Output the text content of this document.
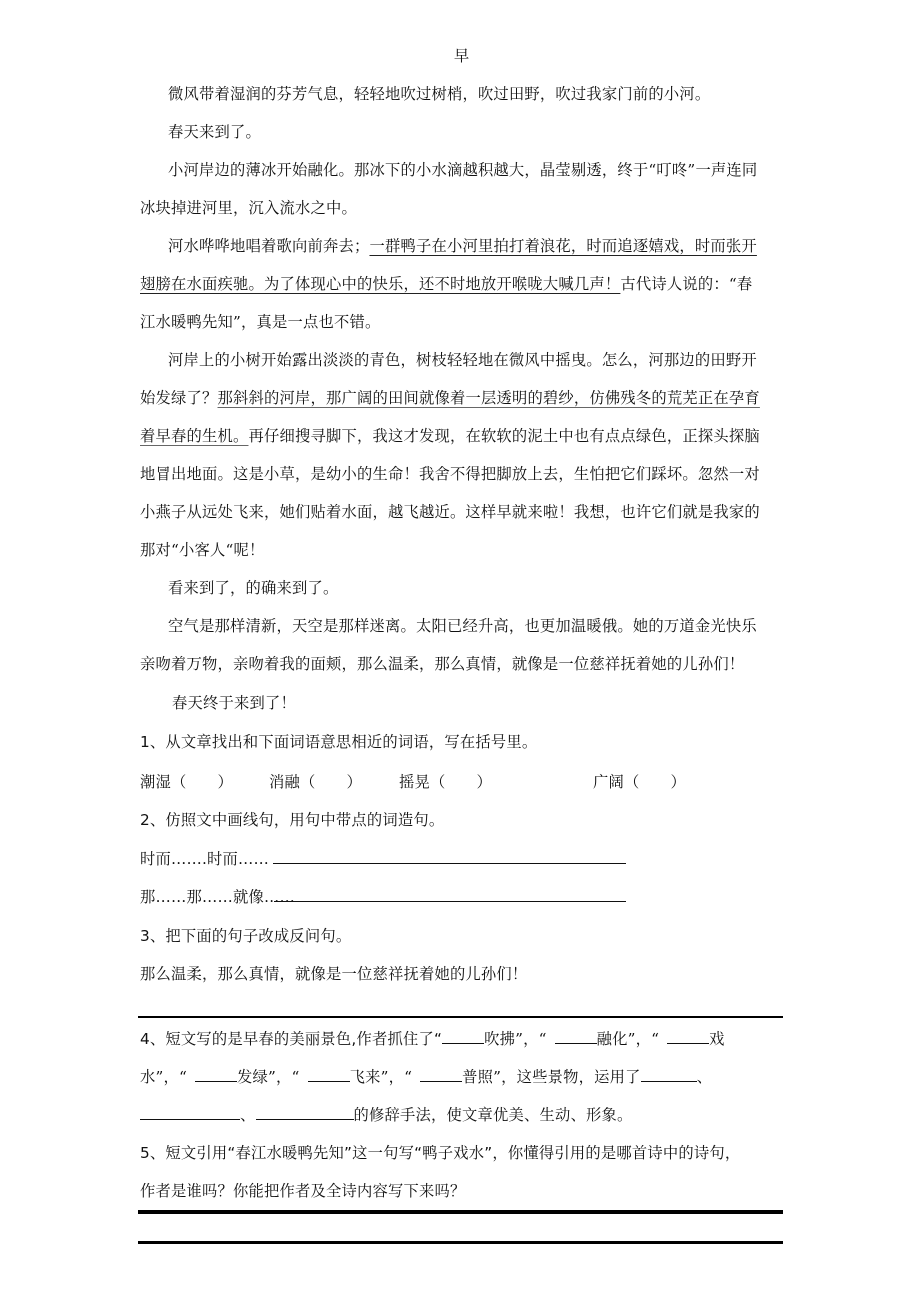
早
微风带着湿润的芬芳气息，轻轻地吹过树梢，吹过田野，吹过我家门前的小河。
春天来到了。
小河岸边的薄冰开始融化。那冰下的小水滴越积越大，晶莹剔透，终于“叮咚”一声连同
冰块掉进河里，沉入流水之中。
河水哗哗地唱着歌向前奔去；一群鸭子在小河里拍打着浪花，时而追逐嬉戏，时而张开
翅膀在水面疾驰。为了体现心中的快乐，还不时地放开喉咙大喊几声！古代诗人说的：“春
江水暖鸭先知”，真是一点也不错。
河岸上的小树开始露出淡淡的青色，树枝轻轻地在微风中摇曳。怎么，河那边的田野开
始发绿了？那斜斜的河岸，那广阔的田间就像着一层透明的碧纱，仿佛残冬的荒芜正在孕育
着早春的生机。再仔细搜寻脚下，我这才发现，在软软的泥土中也有点点绿色，正探头探脑
地冒出地面。这是小草，是幼小的生命！我舍不得把脚放上去，生怕把它们踩坏。忽然一对
小燕子从远处飞来，她们贴着水面，越飞越近。这样早就来啦！我想，也许它们就是我家的
那对“小客人“呢！
看来到了，的确来到了。
空气是那样清新，天空是那样迷离。太阳已经升高，也更加温暖俄。她的万道金光快乐
亲吻着万物，亲吻着我的面颊，那么温柔，那么真情，就像是一位慈祥抚着她的儿孙们！
春天终于来到了！
1、从文章找出和下面词语意思相近的词语，写在括号里。
潮湿（　　） 消融（　　） 摇晃（　　）	广阔（　　）
2、仿照文中画线句，用句中带点的词造句。
时而…….时而……
那……那……就像……
3、把下面的句子改成反问句。
那么温柔，那么真情，就像是一位慈祥抚着她的儿孙们！
4、短文写的是早春的美丽景色,作者抓住了“	吹拂”，“	融化”，“	戏
水”，“	发绿”，“	飞来”，“	普照”，这些景物，运用了	、
、	的修辞手法，使文章优美、生动、形象。
5、短文引用“春江水暖鸭先知”这一句写“鸭子戏水”，你懂得引用的是哪首诗中的诗句，
作者是谁吗？你能把作者及全诗内容写下来吗？
